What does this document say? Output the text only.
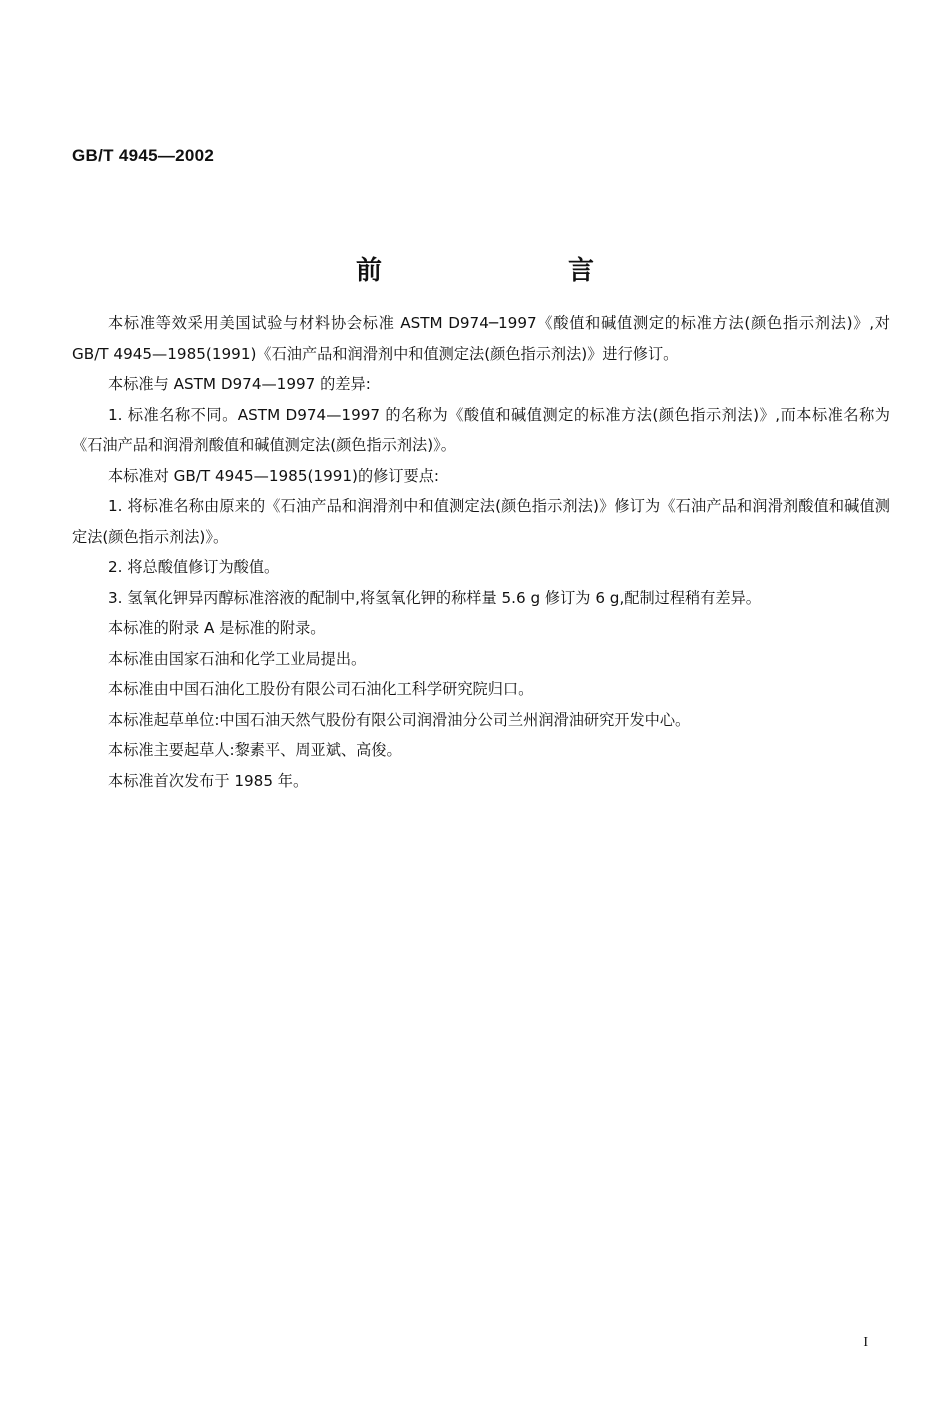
GB/T 4945—2002
前　言

本标准等效采用美国试验与材料协会标准 ASTM D974─1997《酸值和碱值测定的标准方法(颜色指示剂法)》,对 GB/T 4945—1985(1991)《石油产品和润滑剂中和值测定法(颜色指示剂法)》进行修订。

本标准与 ASTM D974—1997 的差异:

1. 标准名称不同。ASTM D974—1997 的名称为《酸值和碱值测定的标准方法(颜色指示剂法)》,而本标准名称为《石油产品和润滑剂酸值和碱值测定法(颜色指示剂法)》。

本标准对 GB/T 4945—1985(1991)的修订要点:

1. 将标准名称由原来的《石油产品和润滑剂中和值测定法(颜色指示剂法)》修订为《石油产品和润滑剂酸值和碱值测定法(颜色指示剂法)》。

2. 将总酸值修订为酸值。

3. 氢氧化钾异丙醇标准溶液的配制中,将氢氧化钾的称样量 5.6 g 修订为 6 g,配制过程稍有差异。

本标准的附录 A 是标准的附录。

本标准由国家石油和化学工业局提出。

本标准由中国石油化工股份有限公司石油化工科学研究院归口。

本标准起草单位:中国石油天然气股份有限公司润滑油分公司兰州润滑油研究开发中心。

本标准主要起草人:黎素平、周亚斌、高俊。

本标准首次发布于 1985 年。

I
